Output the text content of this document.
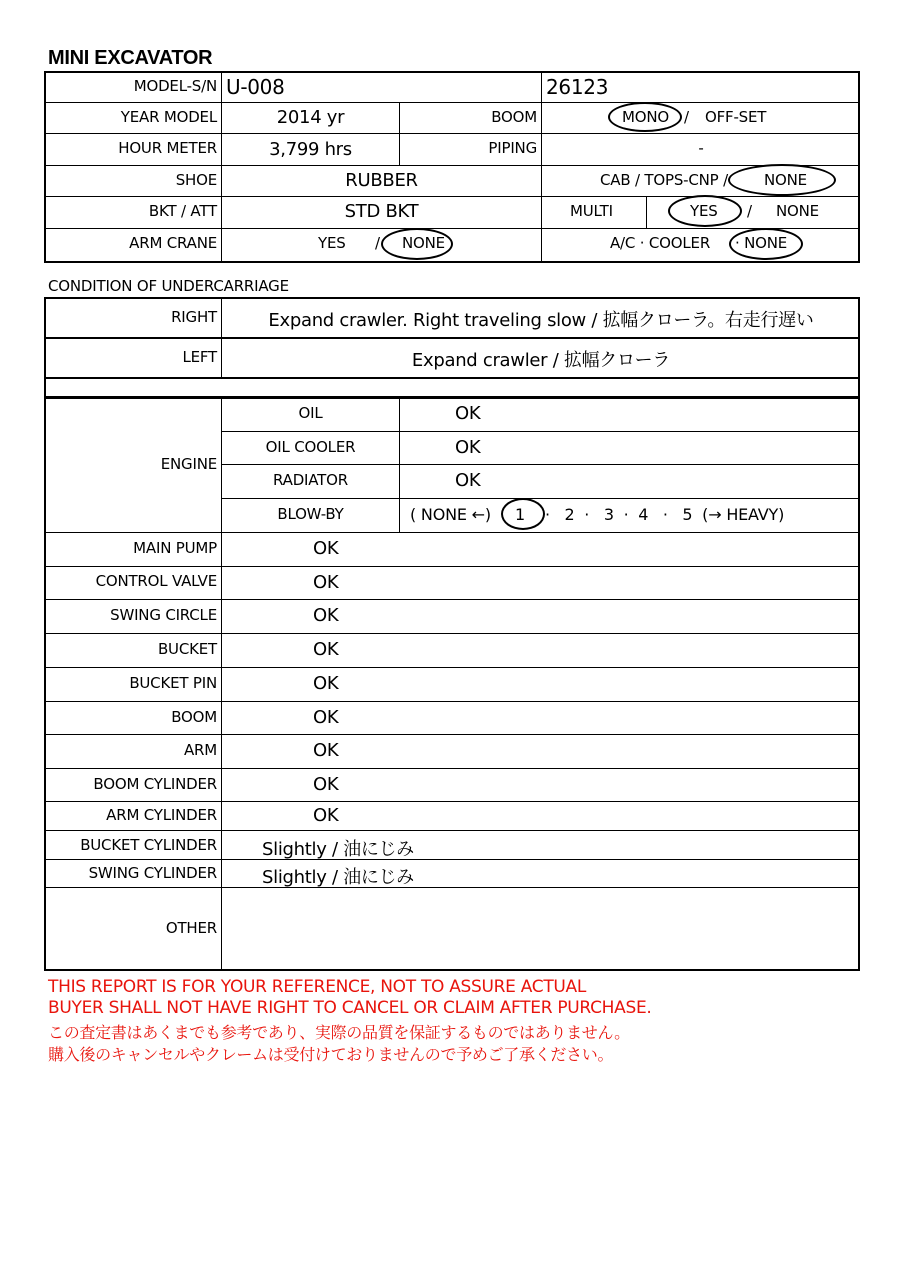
MINI EXCAVATOR
MODEL-S/N U-008	26123
YEAR MODEL	2014 yr	BOOM	MONO / OFF-SET
HOUR METER	3,799 hrs	PIPING	-
SHOE	RUBBER	CAB / TOPS-CNP / NONE
BKT / ATT	STD BKT	MULTI	YES / NONE
ARM CRANE	YES / NONE	A/C · COOLER · NONE
CONDITION OF UNDERCARRIAGE
RIGHT	Expand crawler. Right traveling slow / 拡幅クローラ。右走行遅い
LEFT	Expand crawler / 拡幅クローラ
ENGINE
OIL	OK
OIL COOLER	OK
RADIATOR	OK
BLOW-BY	( NONE ←) 1 ·   2  ·   3  ·  4   ·   5  (→ HEAVY)
MAIN PUMP	OK
CONTROL VALVE	OK
SWING CIRCLE	OK
BUCKET	OK
BUCKET PIN	OK
BOOM	OK
ARM	OK
BOOM CYLINDER	OK
ARM CYLINDER	OK
BUCKET CYLINDER	Slightly / 油にじみ
SWING CYLINDER	Slightly / 油にじみ
OTHER
THIS REPORT IS FOR YOUR REFERENCE, NOT TO ASSURE ACTUAL
BUYER SHALL NOT HAVE RIGHT TO CANCEL OR CLAIM AFTER PURCHASE.
この査定書はあくまでも参考であり、実際の品質を保証するものではありません。
購入後のキャンセルやクレームは受付けておりませんので予めご了承ください。
